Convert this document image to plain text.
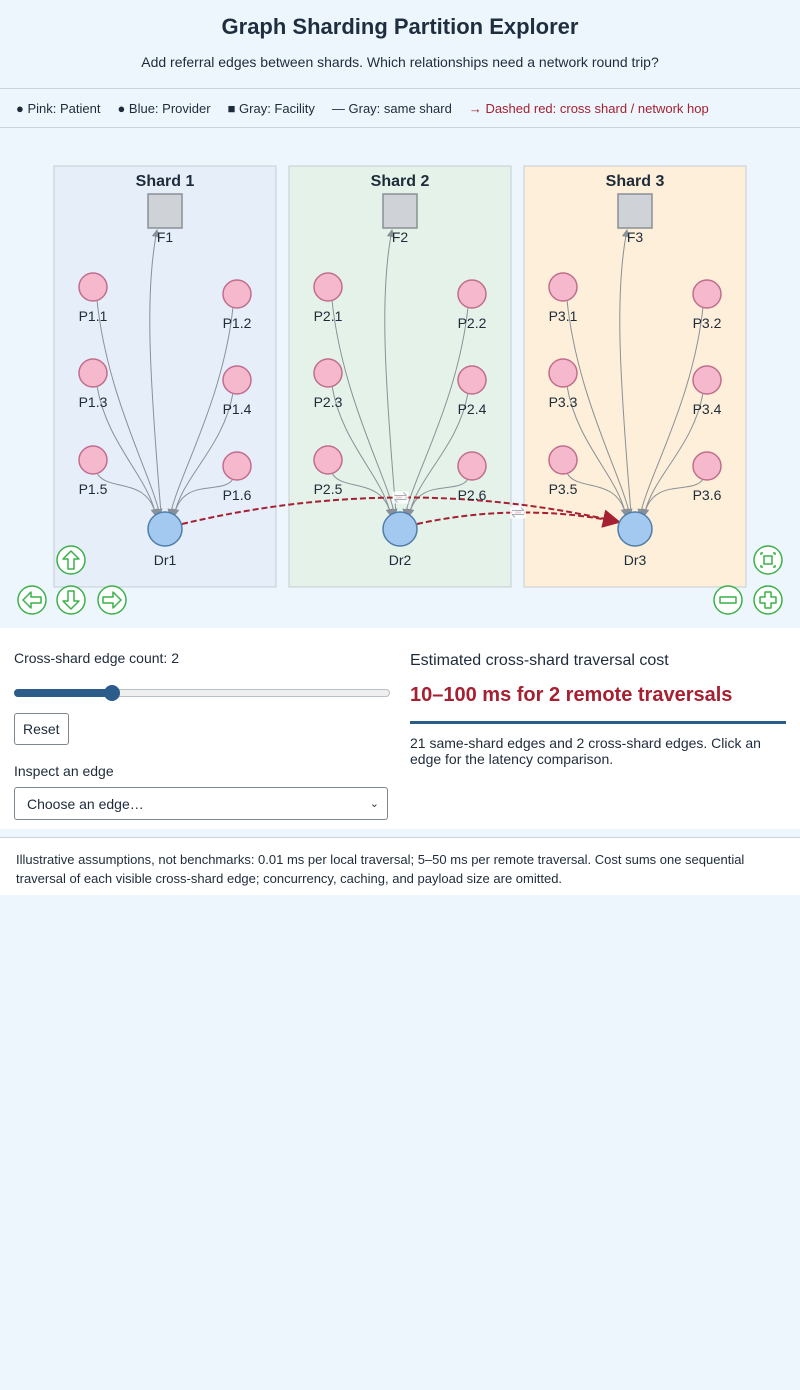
Graph Sharding Partition Explorer
Add referral edges between shards. Which relationships need a network round trip?
● Pink: Patient ● Blue: Provider ■ Gray: Facility — Gray: same shard → Dashed red: cross shard / network hop
Shard 1	Shard 2	Shard 3
F1
P1.1	P1.2
P1.3	P1.4
P1.5	P1.6
Dr1
F2
P2.1	P2.2
P2.3	P2.4
P2.5	P2.6
Dr2
F3
P3.1	P3.2
P3.3	P3.4
P3.5	P3.6
Dr3
Cross-shard edge count: 2
Reset
Inspect an edge
Choose an edge…	⌄
Estimated cross-shard traversal cost
10–100 ms for 2 remote traversals
21 same-shard edges and 2 cross-shard edges. Click an edge for the latency comparison.
Illustrative assumptions, not benchmarks: 0.01 ms per local traversal; 5–50 ms per remote traversal. Cost sums one sequential traversal of each visible cross-shard edge; concurrency, caching, and payload size are omitted.
